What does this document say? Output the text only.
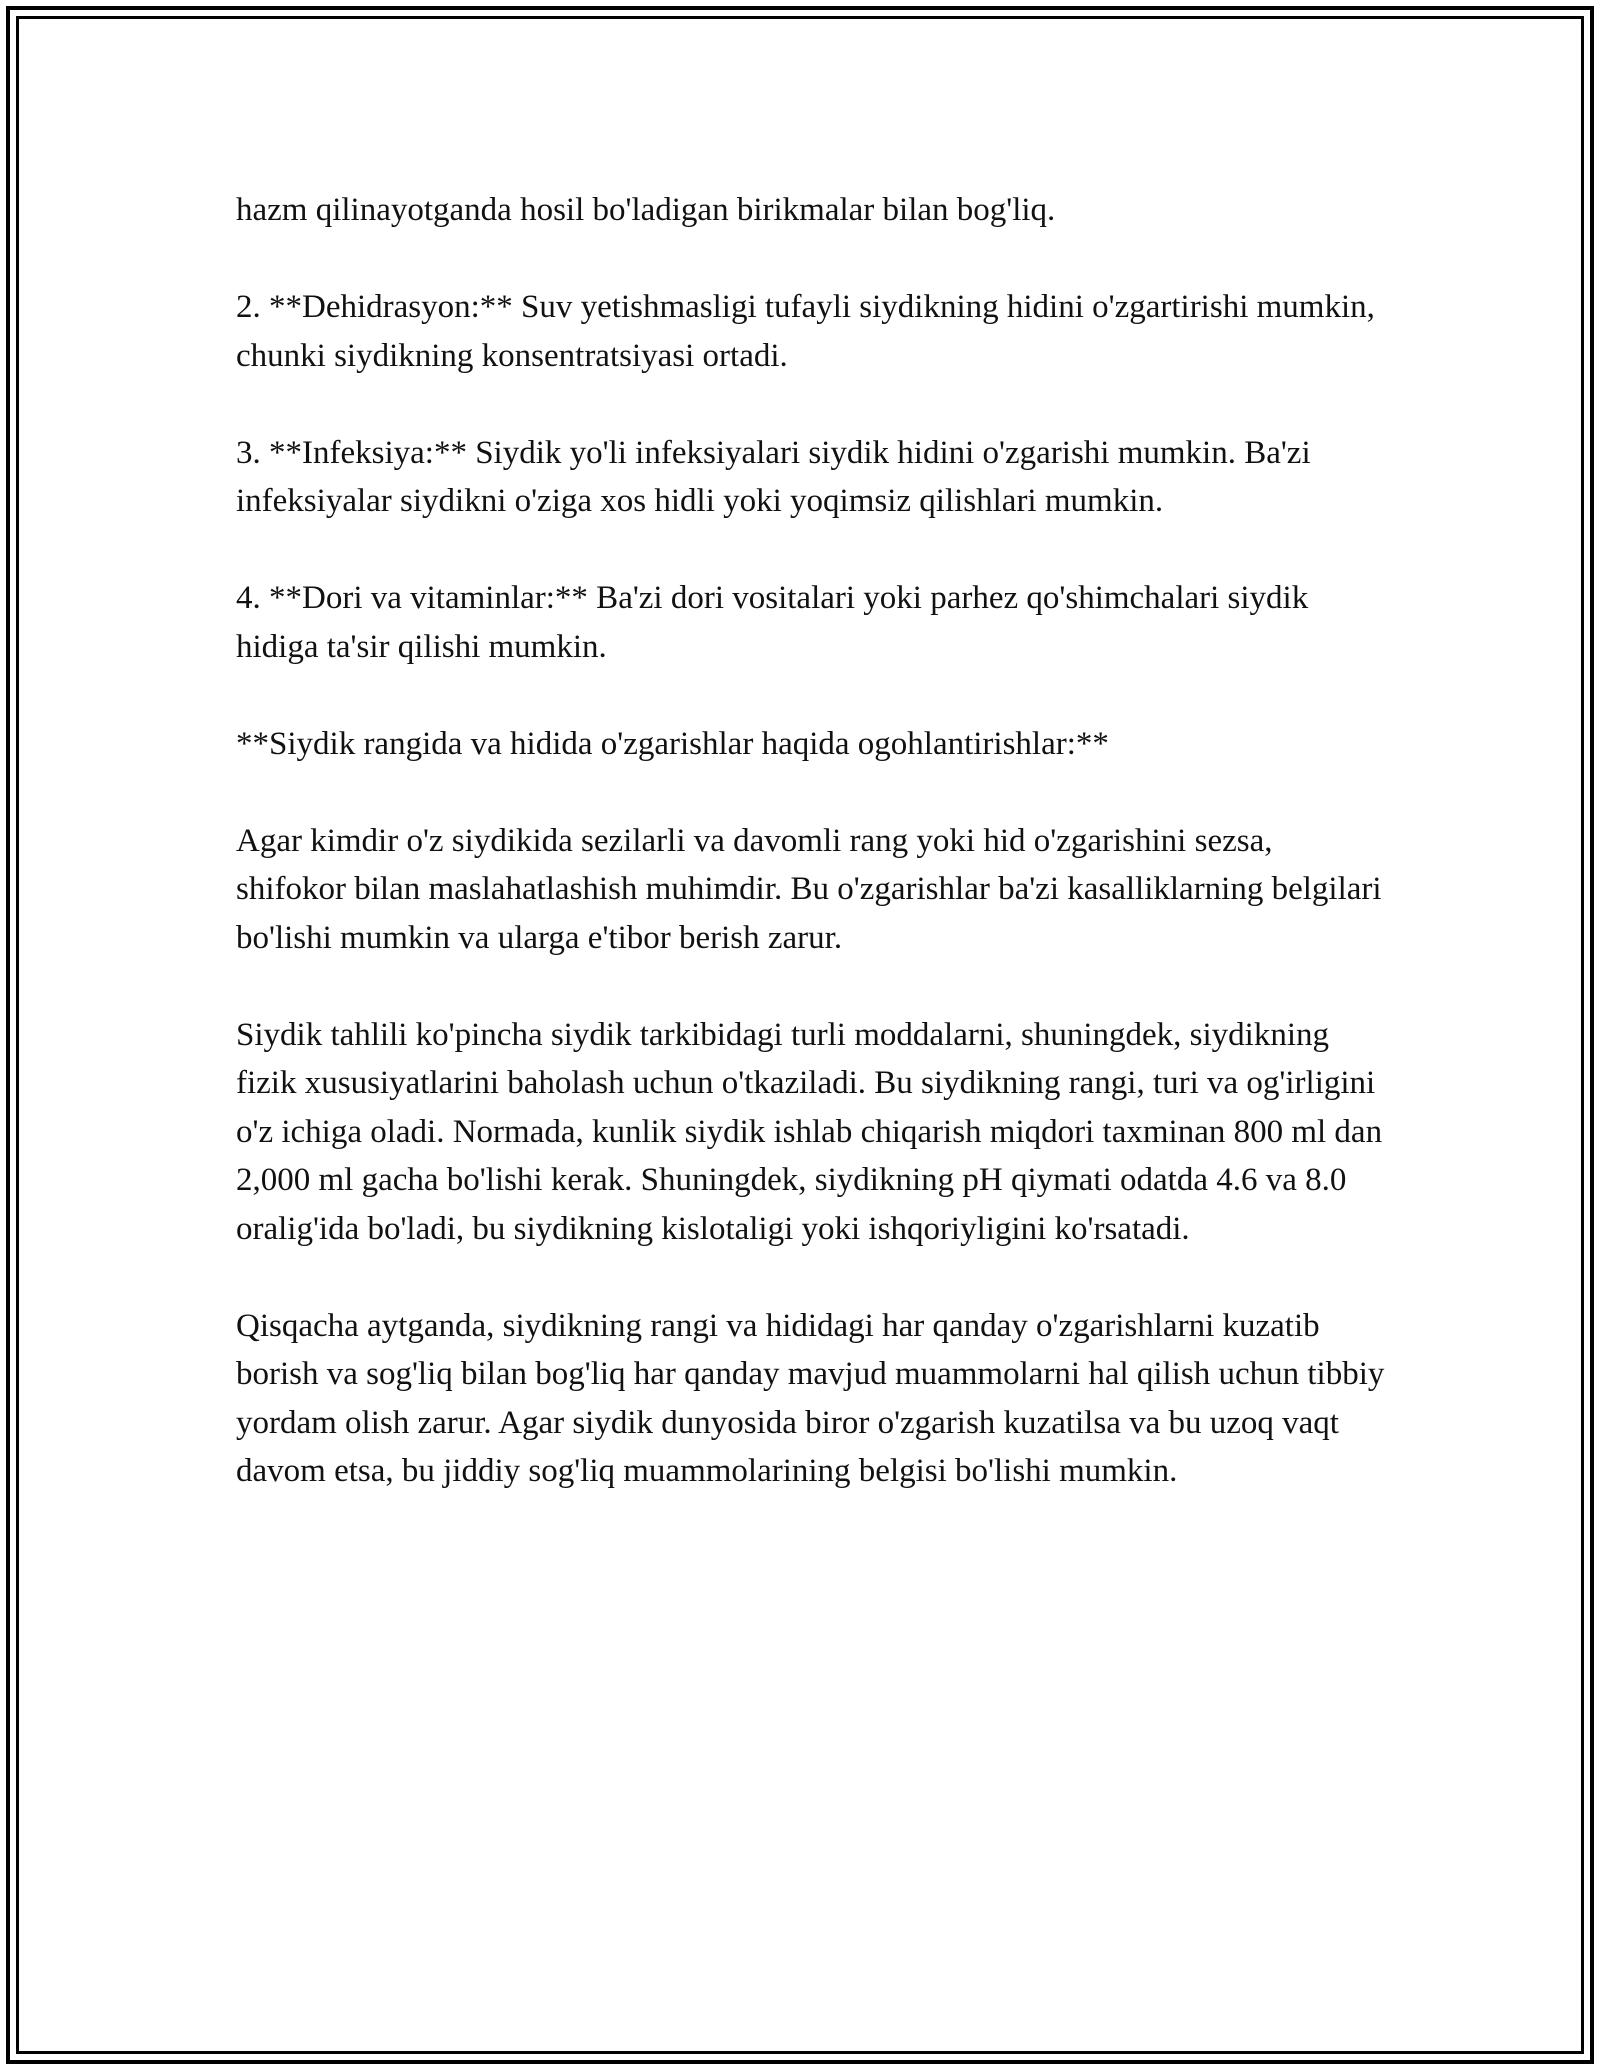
hazm qilinayotganda hosil bo'ladigan birikmalar bilan bog'liq.

2. **Dehidrasyon:** Suv yetishmasligi tufayli siydikning hidini o'zgartirishi mumkin, chunki siydikning konsentratsiyasi ortadi.

3. **Infeksiya:** Siydik yo'li infeksiyalari siydik hidini o'zgarishi mumkin. Ba'zi infeksiyalar siydikni o'ziga xos hidli yoki yoqimsiz qilishlari mumkin.

4. **Dori va vitaminlar:** Ba'zi dori vositalari yoki parhez qo'shimchalari siydik hidiga ta'sir qilishi mumkin.

**Siydik rangida va hidida o'zgarishlar haqida ogohlantirishlar:**

Agar kimdir o'z siydikida sezilarli va davomli rang yoki hid o'zgarishini sezsa, shifokor bilan maslahatlashish muhimdir. Bu o'zgarishlar ba'zi kasalliklarning belgilari bo'lishi mumkin va ularga e'tibor berish zarur.

Siydik tahlili ko'pincha siydik tarkibidagi turli moddalarni, shuningdek, siydikning fizik xususiyatlarini baholash uchun o'tkaziladi. Bu siydikning rangi, turi va og'irligini o'z ichiga oladi. Normada, kunlik siydik ishlab chiqarish miqdori taxminan 800 ml dan 2,000 ml gacha bo'lishi kerak. Shuningdek, siydikning pH qiymati odatda 4.6 va 8.0 oralig'ida bo'ladi, bu siydikning kislotaligi yoki ishqoriyligini ko'rsatadi.

Qisqacha aytganda, siydikning rangi va hididagi har qanday o'zgarishlarni kuzatib borish va sog'liq bilan bog'liq har qanday mavjud muammolarni hal qilish uchun tibbiy yordam olish zarur. Agar siydik dunyosida biror o'zgarish kuzatilsa va bu uzoq vaqt davom etsa, bu jiddiy sog'liq muammolarining belgisi bo'lishi mumkin.
